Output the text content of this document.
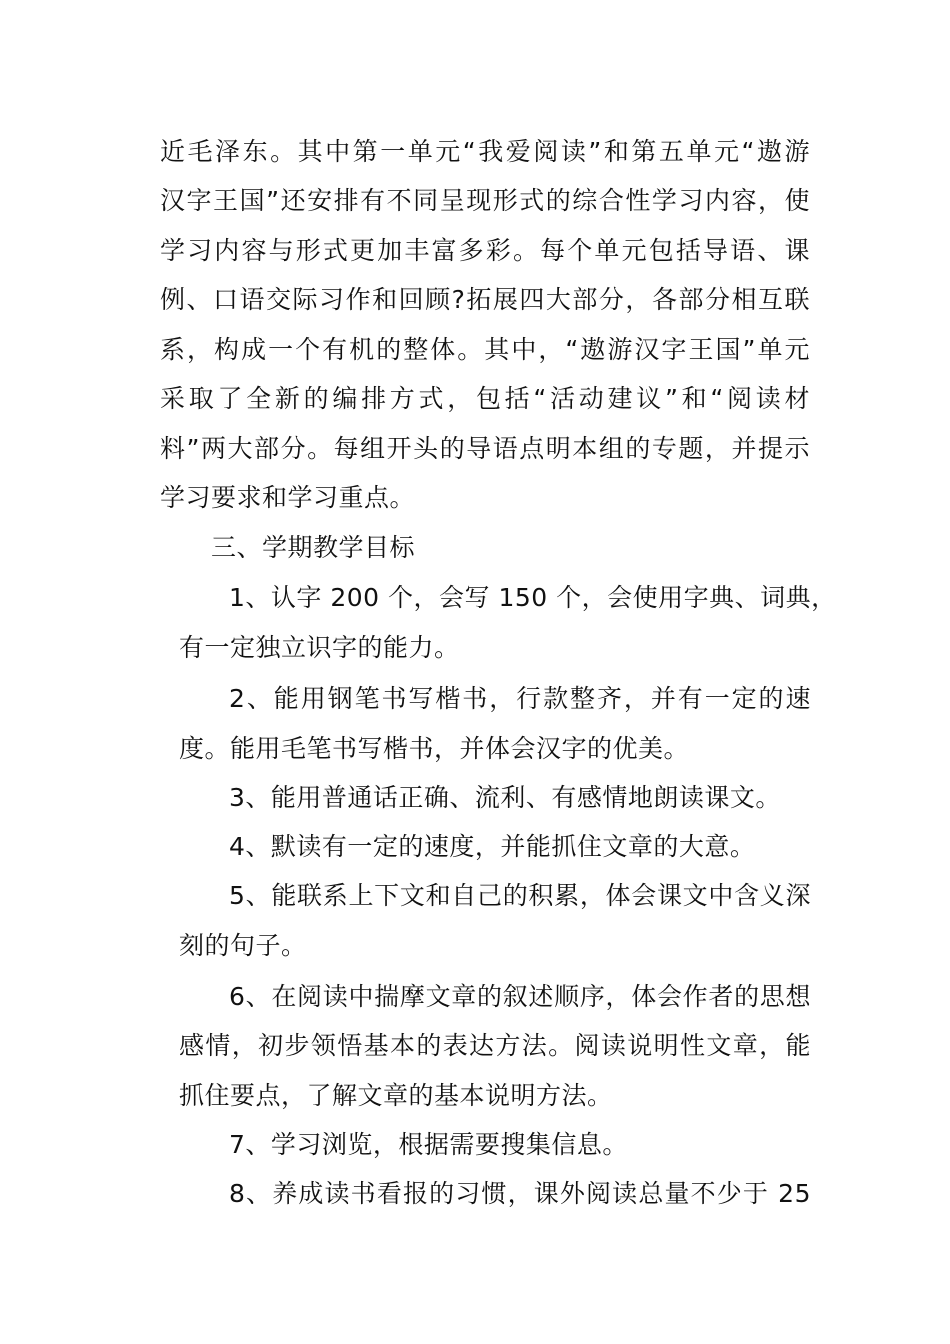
近毛泽东。其中第一单元“我爱阅读”和第五单元“遨游
汉字王国”还安排有不同呈现形式的综合性学习内容，使
学习内容与形式更加丰富多彩。每个单元包括导语、课
例、口语交际习作和回顾?拓展四大部分，各部分相互联
系，构成一个有机的整体。其中，“遨游汉字王国”单元
采取了全新的编排方式，包括“活动建议”和“阅读材
料”两大部分。每组开头的导语点明本组的专题，并提示
学习要求和学习重点。
三、学期教学目标
1、认字 200 个，会写 150 个，会使用字典、词典，
有一定独立识字的能力。
2、能用钢笔书写楷书，行款整齐，并有一定的速
度。能用毛笔书写楷书，并体会汉字的优美。
3、能用普通话正确、流利、有感情地朗读课文。
4、默读有一定的速度，并能抓住文章的大意。
5、能联系上下文和自己的积累，体会课文中含义深
刻的句子。
6、在阅读中揣摩文章的叙述顺序，体会作者的思想
感情，初步领悟基本的表达方法。阅读说明性文章，能
抓住要点，了解文章的基本说明方法。
7、学习浏览，根据需要搜集信息。
8、养成读书看报的习惯，课外阅读总量不少于 25
